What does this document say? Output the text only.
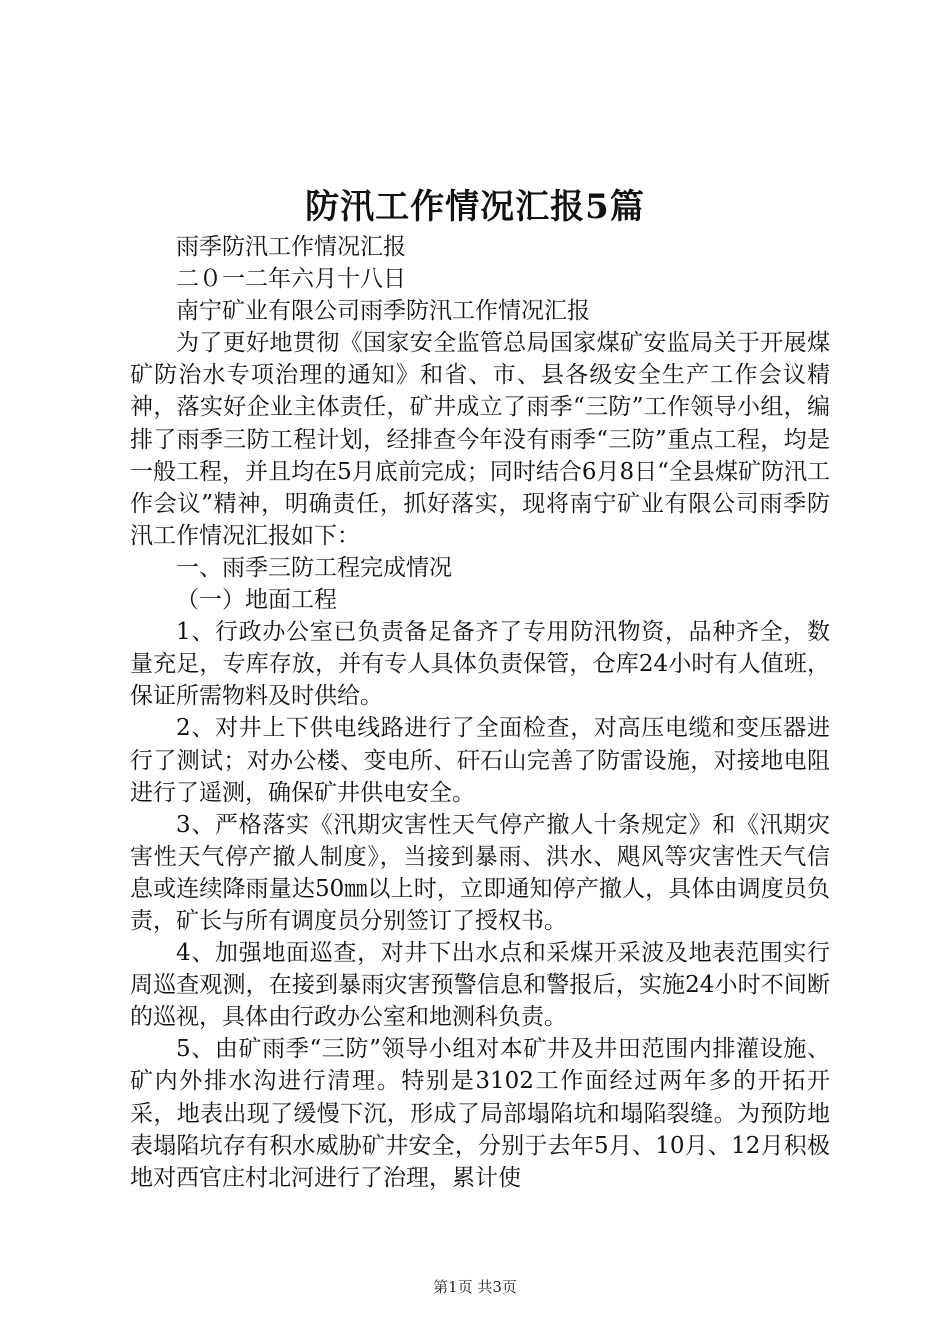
防汛工作情况汇报5篇

雨季防汛工作情况汇报

二０一二年六月十八日

南宁矿业有限公司雨季防汛工作情况汇报

为了更好地贯彻《国家安全监管总局国家煤矿安监局关于开展煤矿防治水专项治理的通知》和省、市、县各级安全生产工作会议精神，落实好企业主体责任，矿井成立了雨季“三防”工作领导小组，编排了雨季三防工程计划，经排查今年没有雨季“三防”重点工程，均是一般工程，并且均在5月底前完成；同时结合6月8日“全县煤矿防汛工作会议”精神，明确责任，抓好落实，现将南宁矿业有限公司雨季防汛工作情况汇报如下：

一、雨季三防工程完成情况

（一）地面工程

1、行政办公室已负责备足备齐了专用防汛物资，品种齐全，数量充足，专库存放，并有专人具体负责保管，仓库24小时有人值班，保证所需物料及时供给。

2、对井上下供电线路进行了全面检查，对高压电缆和变压器进行了测试；对办公楼、变电所、矸石山完善了防雷设施，对接地电阻进行了遥测，确保矿井供电安全。

3、严格落实《汛期灾害性天气停产撤人十条规定》和《汛期灾害性天气停产撤人制度》，当接到暴雨、洪水、飓风等灾害性天气信息或连续降雨量达50㎜以上时，立即通知停产撤人，具体由调度员负责，矿长与所有调度员分别签订了授权书。

4、加强地面巡查，对井下出水点和采煤开采波及地表范围实行周巡查观测，在接到暴雨灾害预警信息和警报后，实施24小时不间断的巡视，具体由行政办公室和地测科负责。

5、由矿雨季“三防”领导小组对本矿井及井田范围内排灌设施、矿内外排水沟进行清理。特别是3102工作面经过两年多的开拓开采，地表出现了缓慢下沉，形成了局部塌陷坑和塌陷裂缝。为预防地表塌陷坑存有积水威胁矿井安全，分别于去年5月、10月、12月积极地对西官庄村北河进行了治理，累计使

第1页 共3页
